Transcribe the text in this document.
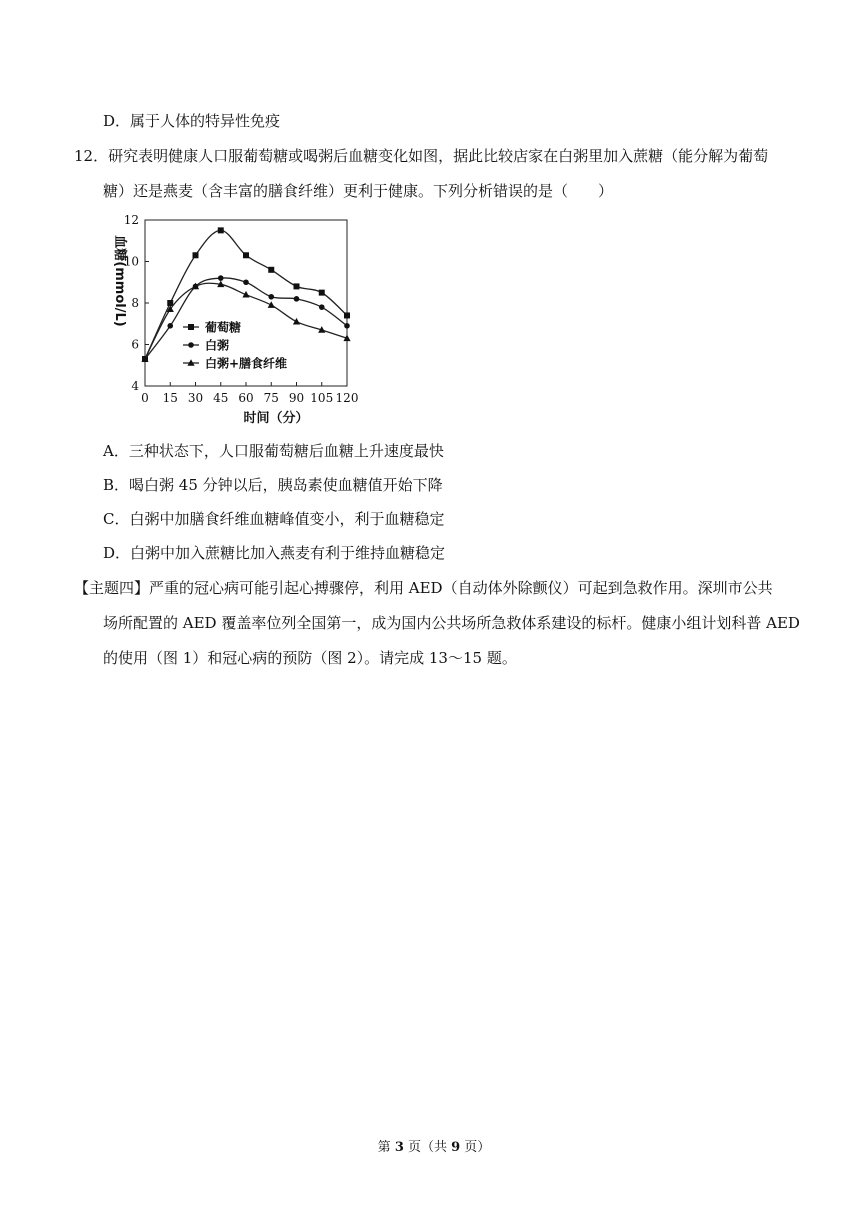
D．属于人体的特异性免疫
12．研究表明健康人口服葡萄糖或喝粥后血糖变化如图，据此比较店家在白粥里加入蔗糖（能分解为葡萄
糖）还是燕麦（含丰富的膳食纤维）更利于健康。下列分析错误的是（　　）
4
6
8
10
12
0 15 30 45 60 75 90 105 120
时间（分）
血糖(mmol/L)
葡萄糖
白粥
白粥+膳食纤维
A．三种状态下，人口服葡萄糖后血糖上升速度最快
B．喝白粥 45 分钟以后，胰岛素使血糖值开始下降
C．白粥中加膳食纤维血糖峰值变小，利于血糖稳定
D．白粥中加入蔗糖比加入燕麦有利于维持血糖稳定
【主题四】严重的冠心病可能引起心搏骤停，利用 AED（自动体外除颤仪）可起到急救作用。深圳市公共
场所配置的 AED 覆盖率位列全国第一，成为国内公共场所急救体系建设的标杆。健康小组计划科普 AED
的使用（图 1）和冠心病的预防（图 2）。请完成 13～15 题。
第 3 页（共 9 页）
